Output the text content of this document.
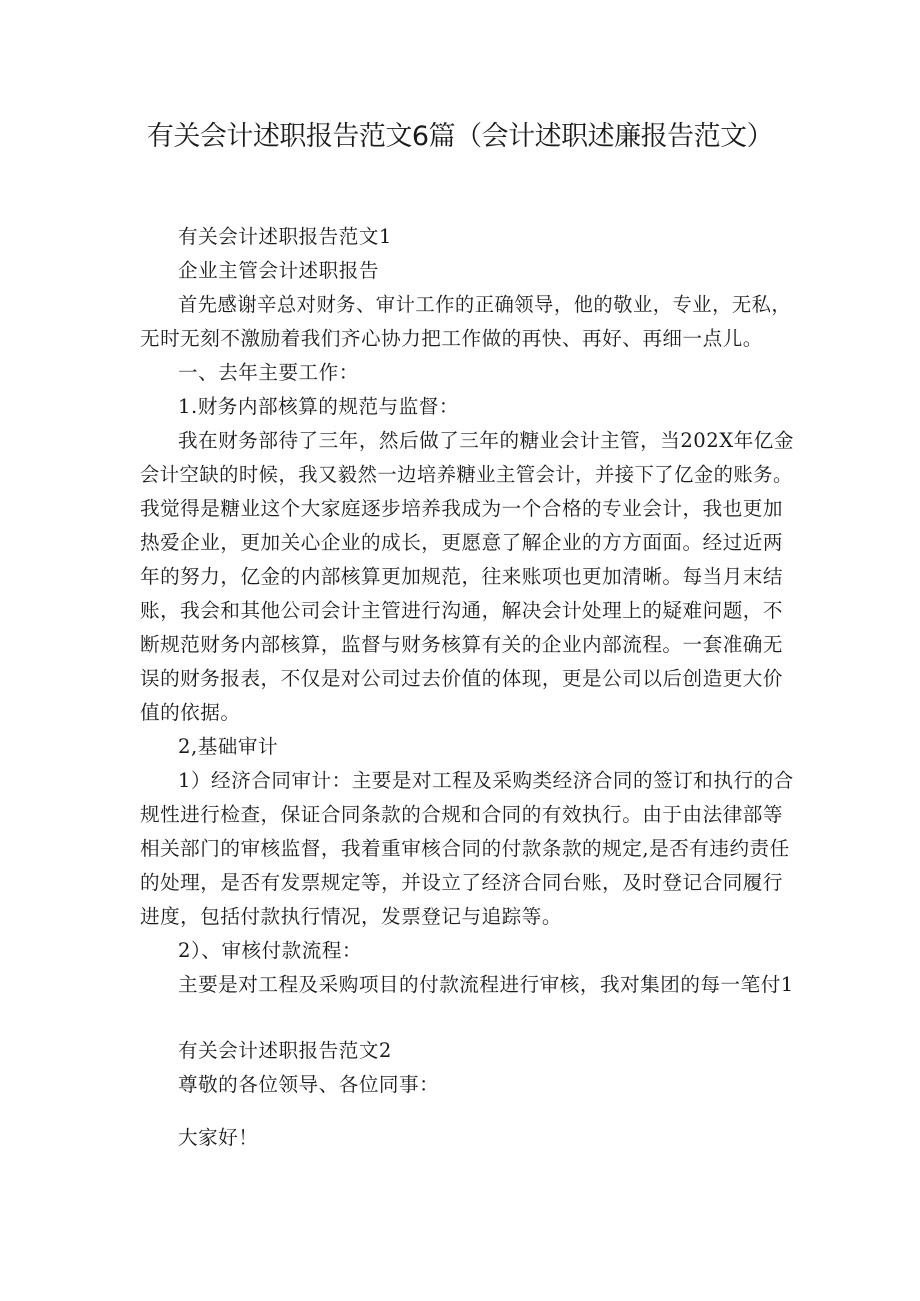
有关会计述职报告范文6篇（会计述职述廉报告范文）
有关会计述职报告范文1
企业主管会计述职报告
首先感谢辛总对财务、审计工作的正确领导，他的敬业，专业，无私，
无时无刻不激励着我们齐心协力把工作做的再快、再好、再细一点儿。
一、去年主要工作：
1.财务内部核算的规范与监督：
我在财务部待了三年，然后做了三年的糖业会计主管，当202X年亿金
会计空缺的时候，我又毅然一边培养糖业主管会计，并接下了亿金的账务。
我觉得是糖业这个大家庭逐步培养我成为一个合格的专业会计，我也更加
热爱企业，更加关心企业的成长，更愿意了解企业的方方面面。经过近两
年的努力，亿金的内部核算更加规范，往来账项也更加清晰。每当月末结
账，我会和其他公司会计主管进行沟通，解决会计处理上的疑难问题，不
断规范财务内部核算，监督与财务核算有关的企业内部流程。一套准确无
误的财务报表，不仅是对公司过去价值的体现，更是公司以后创造更大价
值的依据。
2,基础审计
1）经济合同审计：主要是对工程及采购类经济合同的签订和执行的合
规性进行检查，保证合同条款的合规和合同的有效执行。由于由法律部等
相关部门的审核监督，我着重审核合同的付款条款的规定,是否有违约责任
的处理，是否有发票规定等，并设立了经济合同台账，及时登记合同履行
进度，包括付款执行情况，发票登记与追踪等。
2）、审核付款流程：
主要是对工程及采购项目的付款流程进行审核，我对集团的每一笔付1
有关会计述职报告范文2
尊敬的各位领导、各位同事：
大家好！
